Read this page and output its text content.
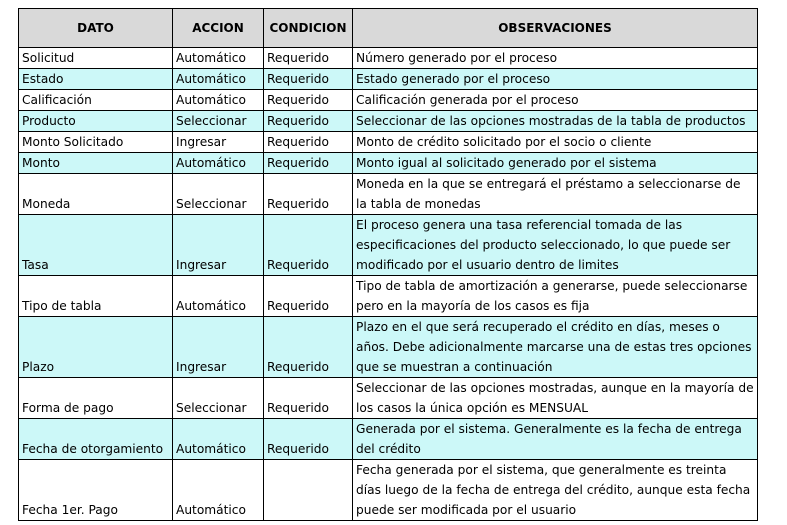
DATO	ACCION	CONDICION	OBSERVACIONES
Solicitud	Automático	Requerido	Número generado por el proceso
Estado	Automático	Requerido	Estado generado por el proceso
Calificación	Automático	Requerido	Calificación generada por el proceso
Producto	Seleccionar	Requerido	Seleccionar de las opciones mostradas de la tabla de productos
Monto Solicitado	Ingresar	Requerido	Monto de crédito solicitado por el socio o cliente
Monto	Automático	Requerido	Monto igual al solicitado generado por el sistema
Moneda	Seleccionar	Requerido	Moneda en la que se entregará el préstamo a seleccionarse de la tabla de monedas
Tasa	Ingresar	Requerido	El proceso genera una tasa referencial tomada de las especificaciones del producto seleccionado, lo que puede ser modificado por el usuario dentro de limites
Tipo de tabla	Automático	Requerido	Tipo de tabla de amortización a generarse, puede seleccionarse pero en la mayoría de los casos es fija
Plazo	Ingresar	Requerido	Plazo en el que será recuperado el crédito en días, meses o años. Debe adicionalmente marcarse una de estas tres opciones que se muestran a continuación
Forma de pago	Seleccionar	Requerido	Seleccionar de las opciones mostradas, aunque en la mayoría de los casos la única opción es MENSUAL
Fecha de otorgamiento	Automático	Requerido	Generada por el sistema. Generalmente es la fecha de entrega del crédito
Fecha 1er. Pago	Automático		Fecha generada por el sistema, que generalmente es treinta días luego de la fecha de entrega del crédito, aunque esta fecha puede ser modificada por el usuario
